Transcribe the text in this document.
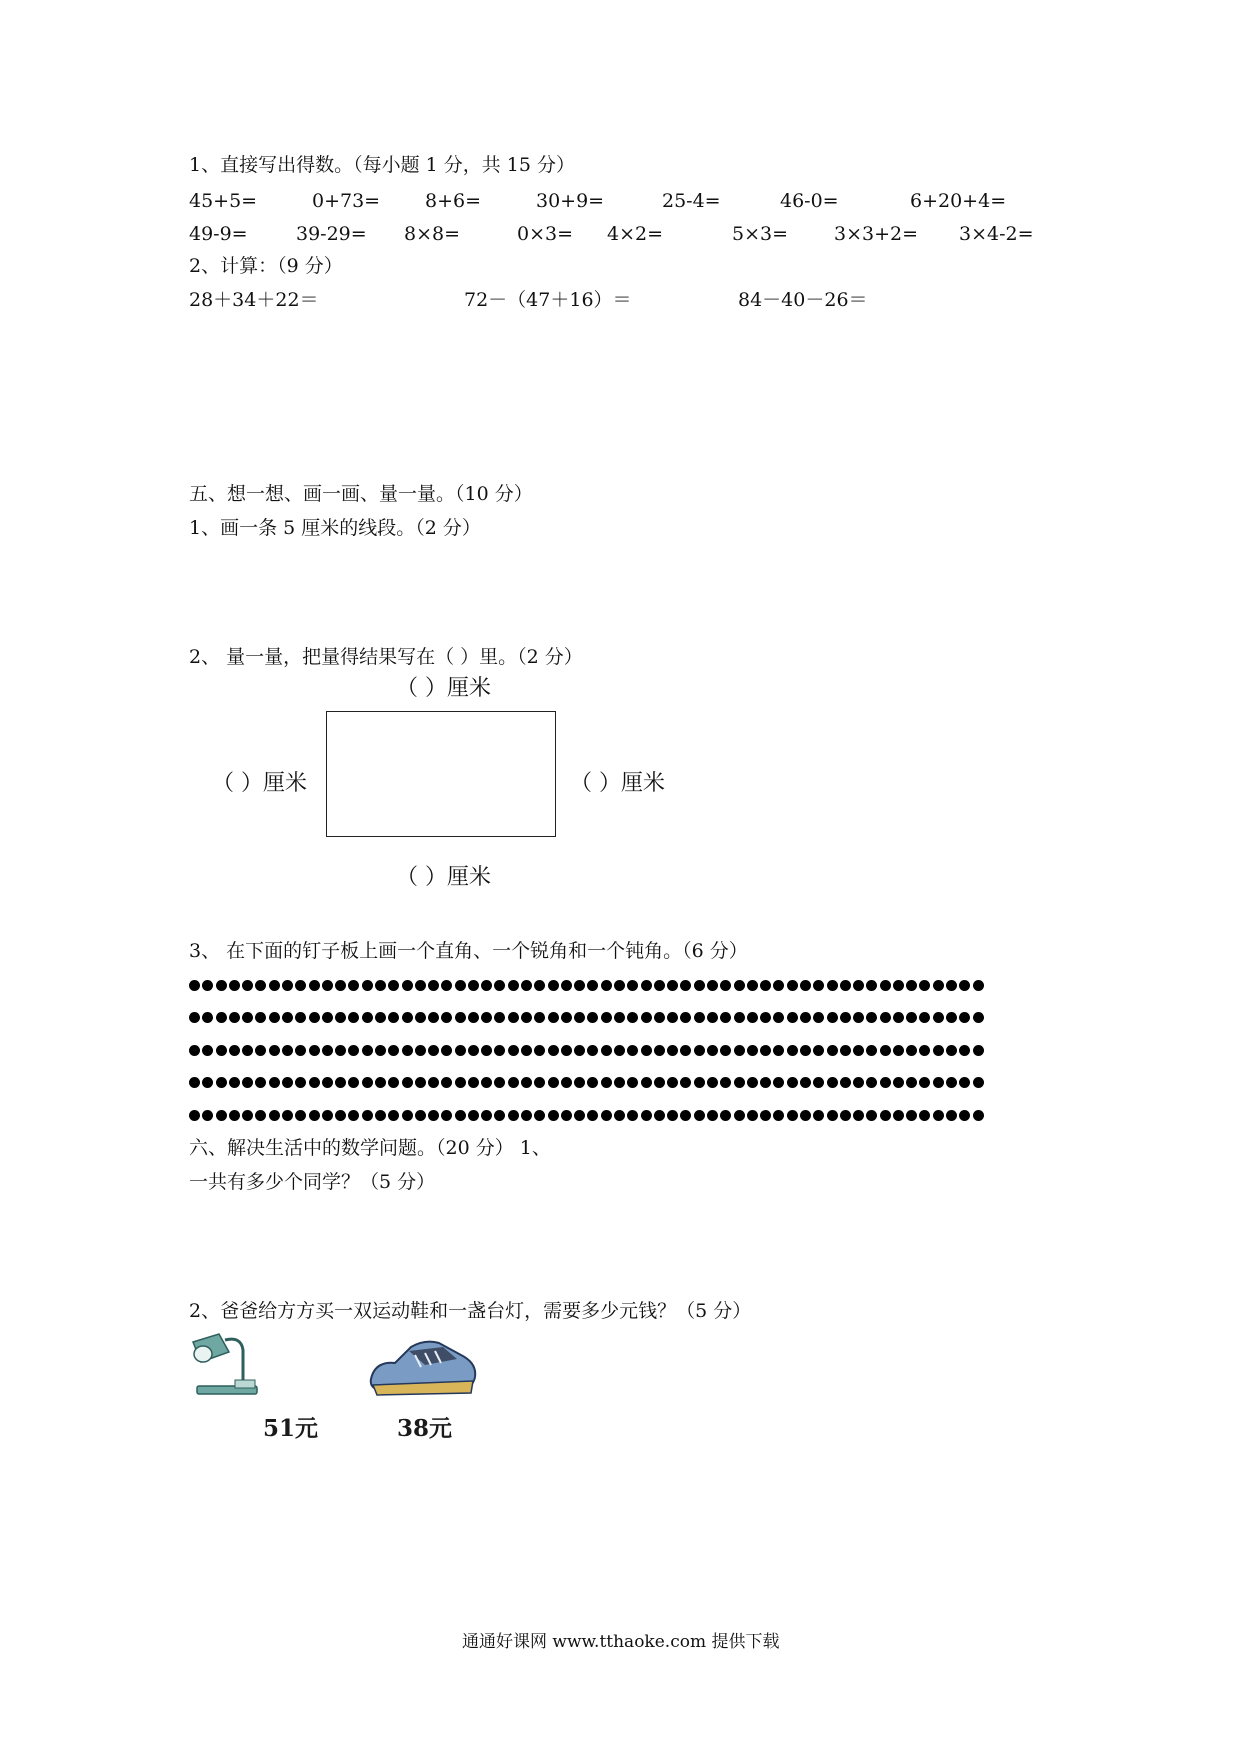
1、直接写出得数。（每小题 1 分，共 15 分）
45+5=	0+73= 8+6=	30+9=	25-4=	46-0=	6+20+4=
49-9=	39-29= 8×8=	0×3= 4×2=	5×3= 3×3+2= 3×4-2=
2、计算：（9 分）
28＋34＋22＝	72－（47＋16）＝	84－40－26＝
五、想一想、画一画、量一量。（10 分）
1、画一条 5 厘米的线段。（2 分）
2、 量一量，把量得结果写在（ ）里。（2 分）
（ ）厘米
（ ）厘米	（ ）厘米
（ ）厘米
3、 在下面的钉子板上画一个直角、一个锐角和一个钝角。（6 分）
六、解决生活中的数学问题。（20 分） 1、
一共有多少个同学？（5 分）
2、爸爸给方方买一双运动鞋和一盏台灯，需要多少元钱？（5 分）
51元	38元
通通好课网 www.tthaoke.com 提供下载
